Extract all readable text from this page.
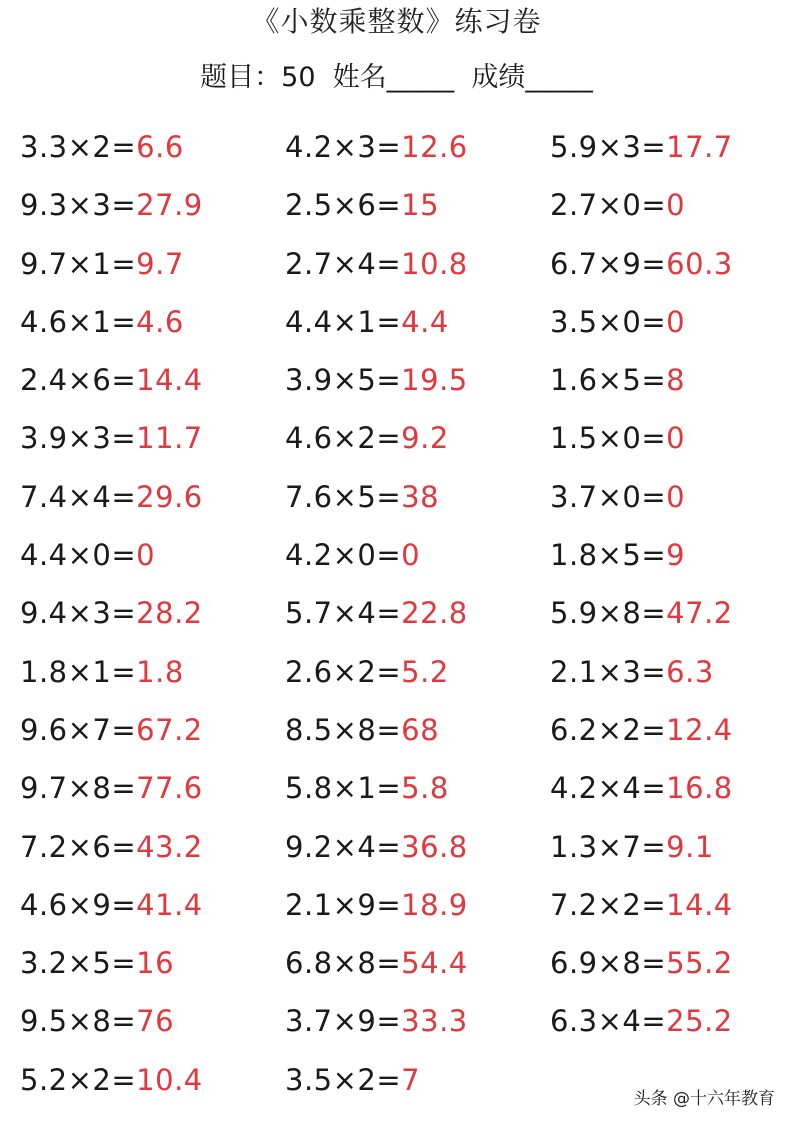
《小数乘整数》练习卷
题目：50  姓名_____  成绩_____
3.3×2=6.6	4.2×3=12.6	5.9×3=17.7
9.3×3=27.9	2.5×6=15	2.7×0=0
9.7×1=9.7	2.7×4=10.8	6.7×9=60.3
4.6×1=4.6	4.4×1=4.4	3.5×0=0
2.4×6=14.4	3.9×5=19.5	1.6×5=8
3.9×3=11.7	4.6×2=9.2	1.5×0=0
7.4×4=29.6	7.6×5=38	3.7×0=0
4.4×0=0	4.2×0=0	1.8×5=9
9.4×3=28.2	5.7×4=22.8	5.9×8=47.2
1.8×1=1.8	2.6×2=5.2	2.1×3=6.3
9.6×7=67.2	8.5×8=68	6.2×2=12.4
9.7×8=77.6	5.8×1=5.8	4.2×4=16.8
7.2×6=43.2	9.2×4=36.8	1.3×7=9.1
4.6×9=41.4	2.1×9=18.9	7.2×2=14.4
3.2×5=16	6.8×8=54.4	6.9×8=55.2
9.5×8=76	3.7×9=33.3	6.3×4=25.2
5.2×2=10.4	3.5×2=7
头条 @十六年教育
